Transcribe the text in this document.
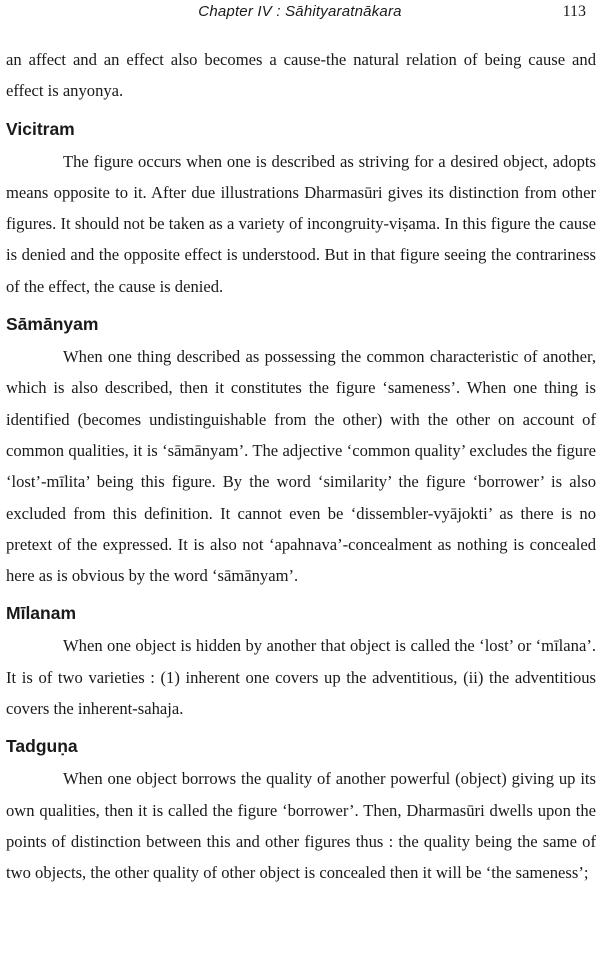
Chapter IV : Sāhityaratnākara	113

an affect and an effect also becomes a cause-the natural relation of being cause and effect is anyonya.

Vicitram

The figure occurs when one is described as striving for a desired object, adopts means opposite to it. After due illustrations Dharmasūri gives its distinction from other figures. It should not be taken as a variety of incongruity-viṣama. In this figure the cause is denied and the opposite effect is understood. But in that figure seeing the contrariness of the effect, the cause is denied.

Sāmānyam

When one thing described as possessing the common characteristic of another, which is also described, then it constitutes the figure ‘sameness’. When one thing is identified (becomes undistinguishable from the other) with the other on account of common qualities, it is ‘sāmānyam’. The adjective ‘common quality’ excludes the figure ‘lost’-mīlita’ being this figure. By the word ‘similarity’ the figure ‘borrower’ is also excluded from this definition. It cannot even be ‘dissembler-vyājokti’ as there is no pretext of the expressed. It is also not ‘apahnava’-concealment as nothing is concealed here as is obvious by the word ‘sāmānyam’.

Mīlanam

When one object is hidden by another that object is called the ‘lost’ or ‘mīlana’. It is of two varieties : (1) inherent one covers up the adventitious, (ii) the adventitious covers the inherent-sahaja.

Tadguṇa

When one object borrows the quality of another powerful (object) giving up its own qualities, then it is called the figure ‘borrower’. Then, Dharmasūri dwells upon the points of distinction between this and other figures thus : the quality being the same of two objects, the other quality of other object is concealed then it will be ‘the sameness’;
